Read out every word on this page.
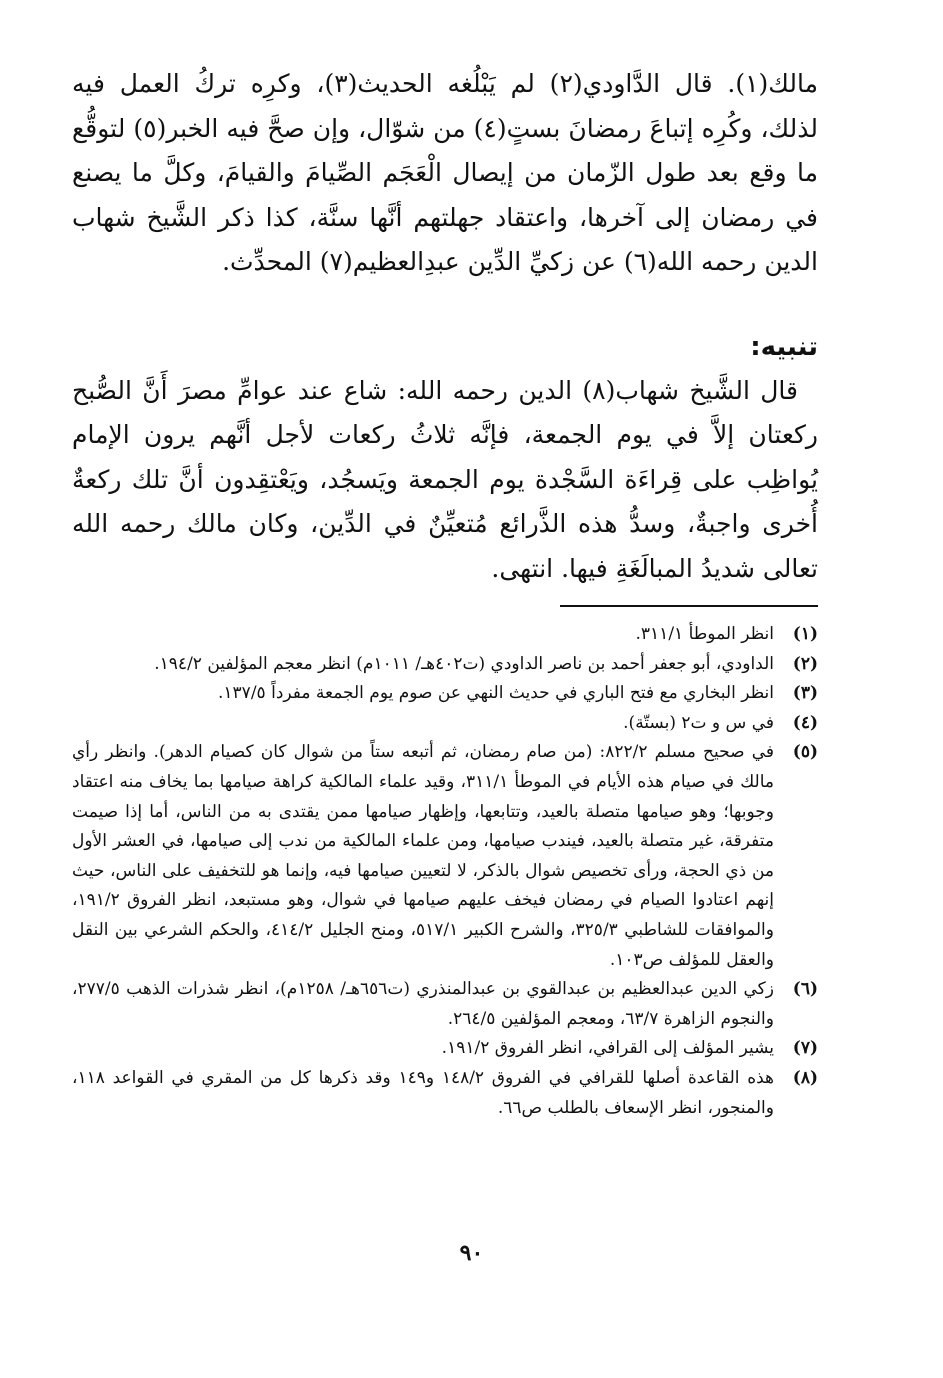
مالك(١). قال الدَّاودي(٢) لم يَبْلُغه الحديث(٣)، وكرِه تركُ العمل فيه لذلك، وكُرِه إتباعَ رمضانَ بستٍ(٤) من شوّال، وإن صحَّ فيه الخبر(٥) لتوقُّع ما وقع بعد طول الزّمان من إيصال الْعَجَم الصِّيامَ والقيامَ، وكلَّ ما يصنع في رمضان إلى آخرها، واعتقاد جهلتهم أنَّها سنَّة، كذا ذكر الشَّيخ شهاب الدين رحمه الله(٦) عن زكيِّ الدِّين عبدِالعظيم(٧) المحدِّث.

تنبيه:

قال الشَّيخ شهاب(٨) الدين رحمه الله: شاع عند عوامِّ مصرَ أَنَّ الصُّبح ركعتان إلاَّ في يوم الجمعة، فإنَّه ثلاثُ ركعات لأجل أنَّهم يرون الإمام يُواظِب على قِراءَة السَّجْدة يوم الجمعة ويَسجُد، ويَعْتقِدون أنَّ تلك ركعةٌ أُخرى واجبةٌ، وسدُّ هذه الذَّرائع مُتعيِّنٌ في الدِّين، وكان مالك رحمه الله تعالى شديدُ المبالَغَةِ فيها. انتهى.

(١)
انظر الموطأ ٣١١/١.
(٢)
الداودي، أبو جعفر أحمد بن ناصر الداودي (ت٤٠٢هـ/ ١٠١١م) انظر معجم المؤلفين ١٩٤/٢.
(٣)
انظر البخاري مع فتح الباري في حديث النهي عن صوم يوم الجمعة مفرداً ١٣٧/٥.
(٤)
في س و ت٢ (بستّة).
(٥)
في صحيح مسلم ٨٢٢/٢: (من صام رمضان، ثم أتبعه ستاً من شوال كان كصيام الدهر). وانظر رأي مالك في صيام هذه الأيام في الموطأ ٣١١/١، وقيد علماء المالكية كراهة صيامها بما يخاف منه اعتقاد وجوبها؛ وهو صيامها متصلة بالعيد، وتتابعها، وإظهار صيامها ممن يقتدى به من الناس، أما إذا صيمت متفرقة، غير متصلة بالعيد، فيندب صيامها، ومن علماء المالكية من ندب إلى صيامها، في العشر الأول من ذي الحجة، ورأى تخصيص شوال بالذكر، لا لتعيين صيامها فيه، وإنما هو للتخفيف على الناس، حيث إنهم اعتادوا الصيام في رمضان فيخف عليهم صيامها في شوال، وهو مستبعد، انظر الفروق ١٩١/٢، والموافقات للشاطبي ٣٢٥/٣، والشرح الكبير ٥١٧/١، ومنح الجليل ٤١٤/٢، والحكم الشرعي بين النقل والعقل للمؤلف ص١٠٣.
(٦)
زكي الدين عبدالعظيم بن عبدالقوي بن عبدالمنذري (ت٦٥٦هـ/ ١٢٥٨م)، انظر شذرات الذهب ٢٧٧/٥، والنجوم الزاهرة ٦٣/٧، ومعجم المؤلفين ٢٦٤/٥.
(٧)
يشير المؤلف إلى القرافي، انظر الفروق ١٩١/٢.
(٨)
هذه القاعدة أصلها للقرافي في الفروق ١٤٨/٢ و١٤٩ وقد ذكرها كل من المقري في القواعد ١١٨، والمنجور، انظر الإسعاف بالطلب ص٦٦.
٩٠
